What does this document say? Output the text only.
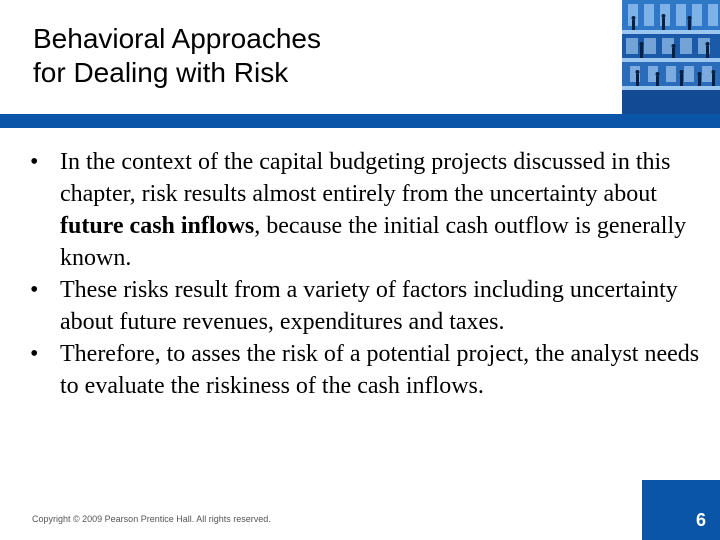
Behavioral Approaches
for Dealing with Risk

• In the context of the capital budgeting projects discussed in this chapter, risk results almost entirely from the uncertainty about future cash inflows, because the initial cash outflow is generally known.

• These risks result from a variety of factors including uncertainty about future revenues, expenditures and taxes.

• Therefore, to asses the risk of a potential project, the analyst needs to evaluate the riskiness of the cash inflows.

Copyright © 2009 Pearson Prentice Hall. All rights reserved.	6
